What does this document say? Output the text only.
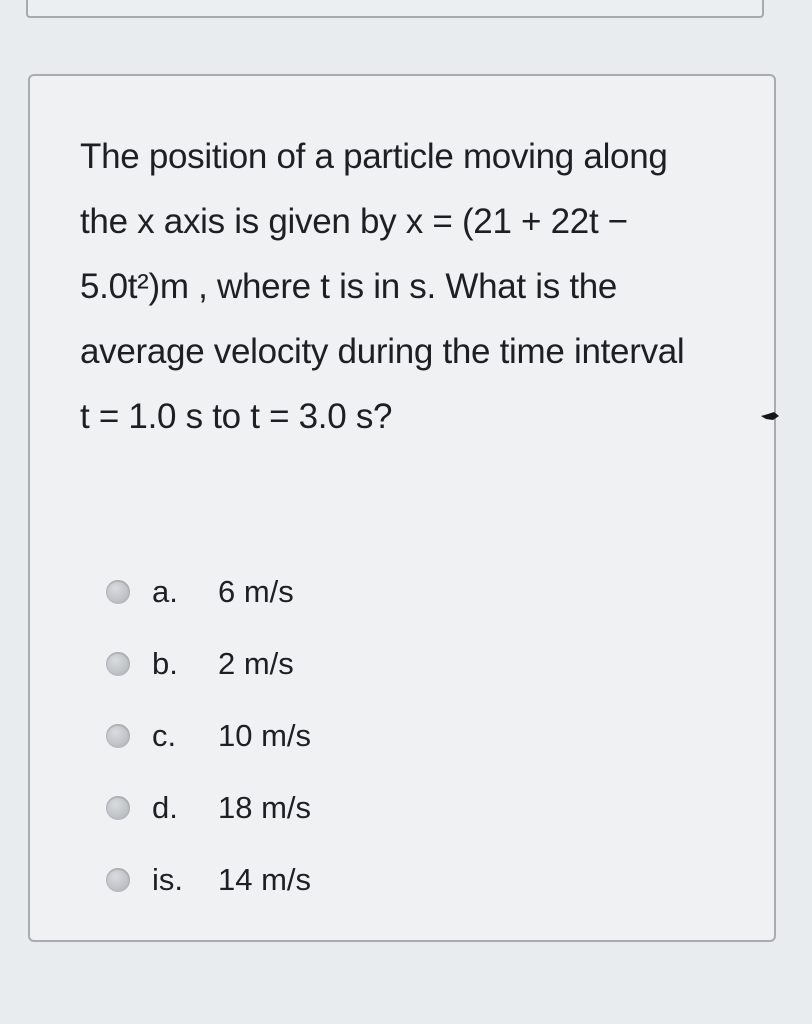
The position of a particle moving along
the x axis is given by x = (21 + 22t −
5.0t²)m , where t is in s. What is the
average velocity during the time interval
t = 1.0 s to t = 3.0 s?

a.	6 m/s
b.	2 m/s
c.	10 m/s
d.	18 m/s
is.	14 m/s
